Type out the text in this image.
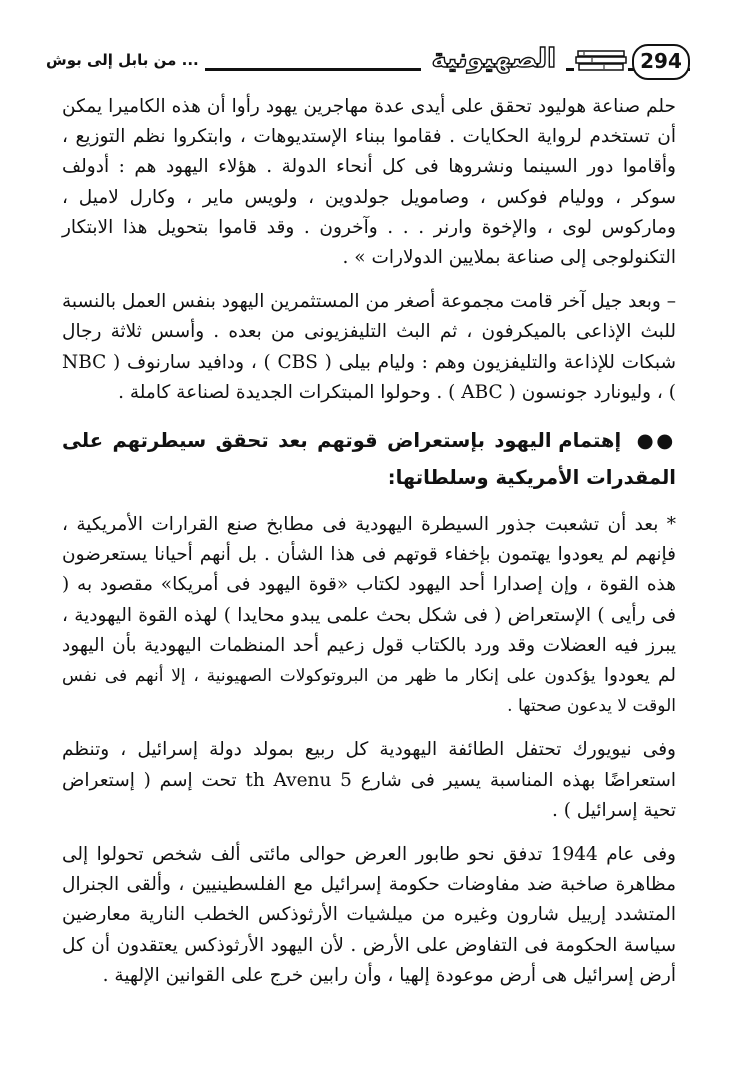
... من بابل إلى بوش	الصهيونية	294

حلم صناعة هوليود تحقق على أيدى عدة مهاجرين يهود رأوا أن هذه الكاميرا يمكن أن تستخدم لرواية الحكايات . فقاموا ببناء الإستديوهات ، وابتكروا نظم التوزيع ، وأقاموا دور السينما ونشروها فى كل أنحاء الدولة . هؤلاء اليهود هم : أدولف سوكر ، ووليام فوكس ، وصامويل جولدوين ، ولويس ماير ، وكارل لاميل ، وماركوس لوى ، والإخوة وارنر . . . وآخرون . وقد قاموا بتحويل هذا الابتكار التكنولوجى إلى صناعة بملايين الدولارات » .

– وبعد جيل آخر قامت مجموعة أصغر من المستثمرين اليهود بنفس العمل بالنسبة للبث الإذاعى بالميكرفون ، ثم البث التليفزيونى من بعده . وأسس ثلاثة رجال شبكات للإذاعة والتليفزيون وهم : وليام بيلى ( CBS ) ، ودافيد سارنوف ( NBC ) ، وليونارد جونسون ( ABC ) . وحولوا المبتكرات الجديدة لصناعة كاملة .

●● إهتمام اليهود بإستعراض قوتهم بعد تحقق سيطرتهم على المقدرات الأمريكية وسلطاتها:

* بعد أن تشعبت جذور السيطرة اليهودية فى مطابخ صنع القرارات الأمريكية ، فإنهم لم يعودوا يهتمون بإخفاء قوتهم فى هذا الشأن . بل أنهم أحيانا يستعرضون هذه القوة ، وإن إصدارا أحد اليهود لكتاب «قوة اليهود فى أمريكا» مقصود به ( فى رأيى ) الإستعراض ( فى شكل بحث علمى يبدو محايدا ) لهذه القوة اليهودية ، يبرز فيه العضلات وقد ورد بالكتاب قول زعيم أحد المنظمات اليهودية بأن اليهود لم يعودوا يؤكدون على إنكار ما ظهر من البروتوكولات الصهيونية ، إلا أنهم فى نفس الوقت لا يدعون صحتها .

وفى نيويورك تحتفل الطائفة اليهودية كل ربيع بمولد دولة إسرائيل ، وتنظم استعراضًا بهذه المناسبة يسير فى شارع 5 th Avenu تحت إسم ( إستعراض تحية إسرائيل ) .

وفى عام 1944 تدفق نحو طابور العرض حوالى مائتى ألف شخص تحولوا إلى مظاهرة صاخبة ضد مفاوضات حكومة إسرائيل مع الفلسطينيين ، وألقى الجنرال المتشدد إرييل شارون وغيره من ميلشيات الأرثوذكس الخطب النارية معارضين سياسة الحكومة فى التفاوض على الأرض . لأن اليهود الأرثوذكس يعتقدون أن كل أرض إسرائيل هى أرض موعودة إلهيا ، وأن رابين خرج على القوانين الإلهية .
